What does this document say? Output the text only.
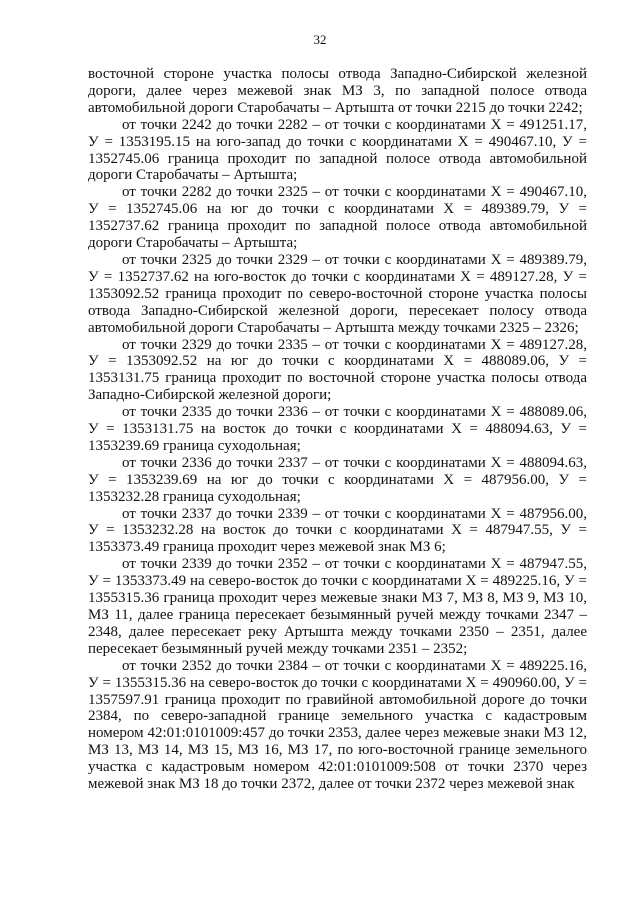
32

восточной стороне участка полосы отвода Западно-Сибирской железной дороги, далее через межевой знак МЗ 3, по западной полосе отвода автомобильной дороги Старобачаты – Артышта от точки 2215 до точки 2242;

от точки 2242 до точки 2282 – от точки с координатами Х = 491251.17, У = 1353195.15 на юго-запад до точки с координатами Х = 490467.10, У = 1352745.06 граница проходит по западной полосе отвода автомобильной дороги Старобачаты – Артышта;

от точки 2282 до точки 2325 – от точки с координатами Х = 490467.10, У = 1352745.06 на юг до точки с координатами Х = 489389.79, У = 1352737.62 граница проходит по западной полосе отвода автомобильной дороги Старобачаты – Артышта;

от точки 2325 до точки 2329 – от точки с координатами Х = 489389.79, У = 1352737.62 на юго-восток до точки с координатами Х = 489127.28, У = 1353092.52 граница проходит по северо-восточной стороне участка полосы отвода Западно-Сибирской железной дороги, пересекает полосу отвода автомобильной дороги Старобачаты – Артышта между точками 2325 – 2326;

от точки 2329 до точки 2335 – от точки с координатами Х = 489127.28, У = 1353092.52 на юг до точки с координатами Х = 488089.06, У = 1353131.75 граница проходит по восточной стороне участка полосы отвода Западно-Сибирской железной дороги;

от точки 2335 до точки 2336 – от точки с координатами Х = 488089.06, У = 1353131.75 на восток до точки с координатами Х = 488094.63, У = 1353239.69 граница суходольная;

от точки 2336 до точки 2337 – от точки с координатами Х = 488094.63, У = 1353239.69 на юг до точки с координатами Х = 487956.00, У = 1353232.28 граница суходольная;

от точки 2337 до точки 2339 – от точки с координатами Х = 487956.00, У = 1353232.28 на восток до точки с координатами Х = 487947.55, У = 1353373.49 граница проходит через межевой знак МЗ 6;

от точки 2339 до точки 2352 – от точки с координатами Х = 487947.55, У = 1353373.49 на северо-восток до точки с координатами Х = 489225.16, У = 1355315.36 граница проходит через межевые знаки МЗ 7, МЗ 8, МЗ 9, МЗ 10, МЗ 11, далее граница пересекает безымянный ручей между точками 2347 – 2348, далее пересекает реку Артышта между точками 2350 – 2351, далее пересекает безымянный ручей между точками 2351 – 2352;

от точки 2352 до точки 2384 – от точки с координатами Х = 489225.16, У = 1355315.36 на северо-восток до точки с координатами Х = 490960.00, У = 1357597.91 граница проходит по гравийной автомобильной дороге до точки 2384, по северо-западной границе земельного участка с кадастровым номером 42:01:0101009:457 до точки 2353, далее через межевые знаки МЗ 12, МЗ 13, МЗ 14, МЗ 15, МЗ 16, МЗ 17, по юго-восточной границе земельного участка с кадастровым номером 42:01:0101009:508 от точки 2370 через межевой знак МЗ 18 до точки 2372, далее от точки 2372 через межевой знак
